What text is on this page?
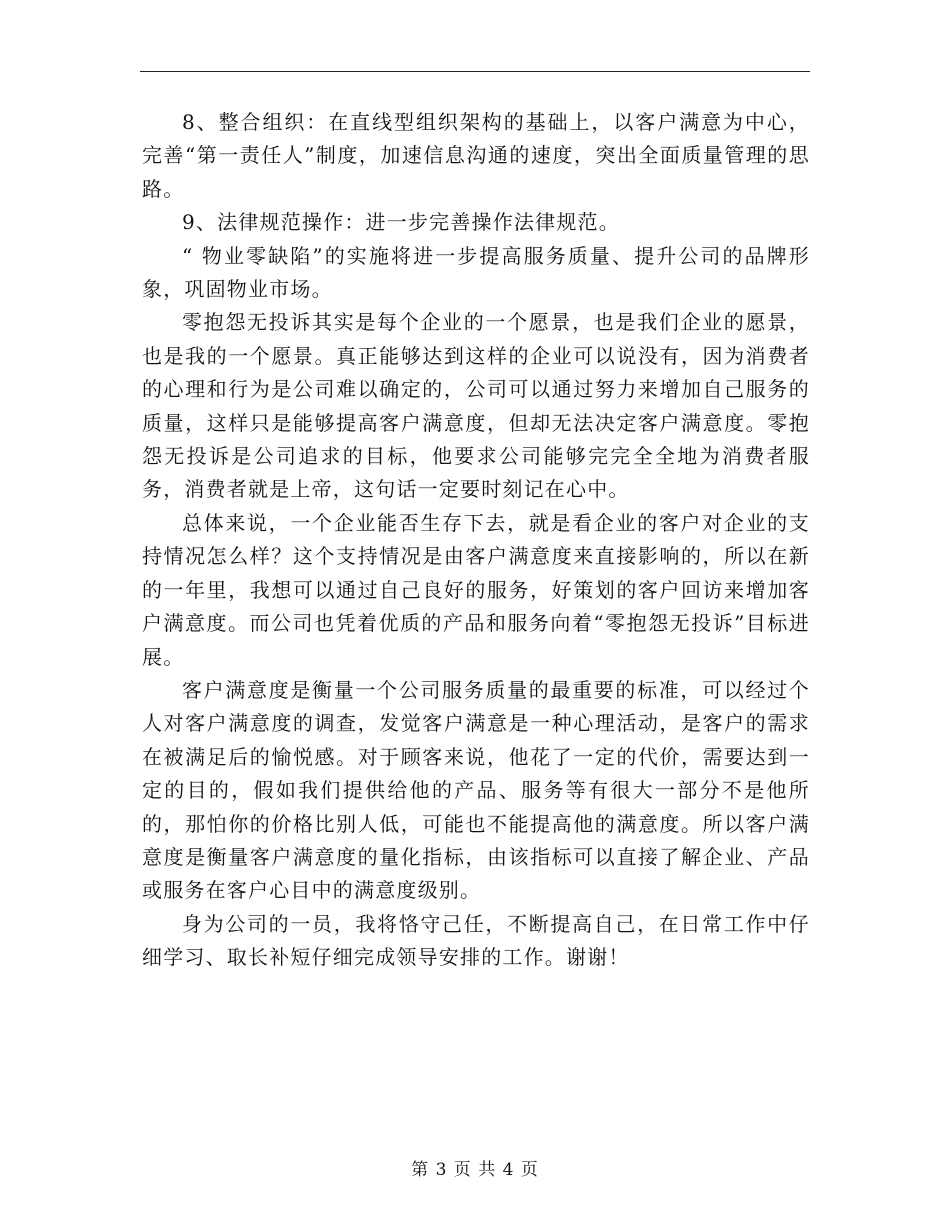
8、整合组织：在直线型组织架构的基础上，以客户满意为中心，完善“第一责任人”制度，加速信息沟通的速度，突出全面质量管理的思路。

9、法律规范操作：进一步完善操作法律规范。

“ 物业零缺陷”的实施将进一步提高服务质量、提升公司的品牌形象，巩固物业市场。

零抱怨无投诉其实是每个企业的一个愿景，也是我们企业的愿景，也是我的一个愿景。真正能够达到这样的企业可以说没有，因为消费者的心理和行为是公司难以确定的，公司可以通过努力来增加自己服务的质量，这样只是能够提高客户满意度，但却无法决定客户满意度。零抱怨无投诉是公司追求的目标，他要求公司能够完完全全地为消费者服务，消费者就是上帝，这句话一定要时刻记在心中。

总体来说，一个企业能否生存下去，就是看企业的客户对企业的支持情况怎么样？这个支持情况是由客户满意度来直接影响的，所以在新的一年里，我想可以通过自己良好的服务，好策划的客户回访来增加客户满意度。而公司也凭着优质的产品和服务向着“零抱怨无投诉”目标进展。

客户满意度是衡量一个公司服务质量的最重要的标准，可以经过个人对客户满意度的调查，发觉客户满意是一种心理活动，是客户的需求在被满足后的愉悦感。对于顾客来说，他花了一定的代价，需要达到一定的目的，假如我们提供给他的产品、服务等有很大一部分不是他所的，那怕你的价格比别人低，可能也不能提高他的满意度。所以客户满意度是衡量客户满意度的量化指标，由该指标可以直接了解企业、产品或服务在客户心目中的满意度级别。

身为公司的一员，我将恪守己任，不断提高自己，在日常工作中仔细学习、取长补短仔细完成领导安排的工作。谢谢！

第 3 页 共 4 页
